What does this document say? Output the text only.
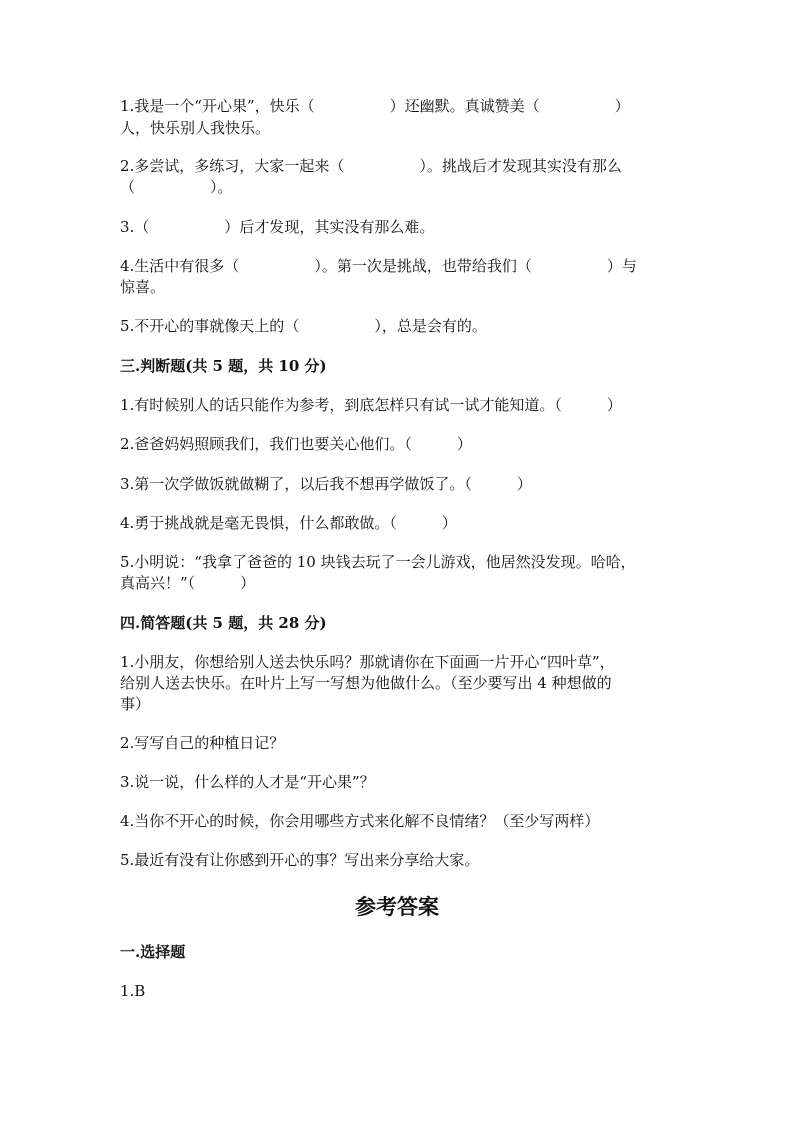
1.我是一个“开心果”，快乐（　　　　　）还幽默。真诚赞美（　　　　　）
人，快乐别人我快乐。
2.多尝试，多练习，大家一起来（　　　　　）。挑战后才发现其实没有那么
（　　　　　）。
3.（　　　　　）后才发现，其实没有那么难。
4.生活中有很多（　　　　　）。第一次是挑战，也带给我们（　　　　　）与
惊喜。
5.不开心的事就像天上的（　　　　　），总是会有的。
三.判断题(共 5 题，共 10 分)
1.有时候别人的话只能作为参考，到底怎样只有试一试才能知道。（　　　）
2.爸爸妈妈照顾我们，我们也要关心他们。（　　　）
3.第一次学做饭就做糊了，以后我不想再学做饭了。（　　　）
4.勇于挑战就是毫无畏惧，什么都敢做。（　　　）
5.小明说：“我拿了爸爸的 10 块钱去玩了一会儿游戏，他居然没发现。哈哈，
真高兴！”（　　　）
四.简答题(共 5 题，共 28 分)
1.小朋友，你想给别人送去快乐吗？那就请你在下面画一片开心“四叶草”，
给别人送去快乐。在叶片上写一写想为他做什么。（至少要写出 4 种想做的
事）
2.写写自己的种植日记？
3.说一说，什么样的人才是“开心果”？
4.当你不开心的时候，你会用哪些方式来化解不良情绪？（至少写两样）
5.最近有没有让你感到开心的事？写出来分享给大家。
参考答案
一.选择题
1.B
